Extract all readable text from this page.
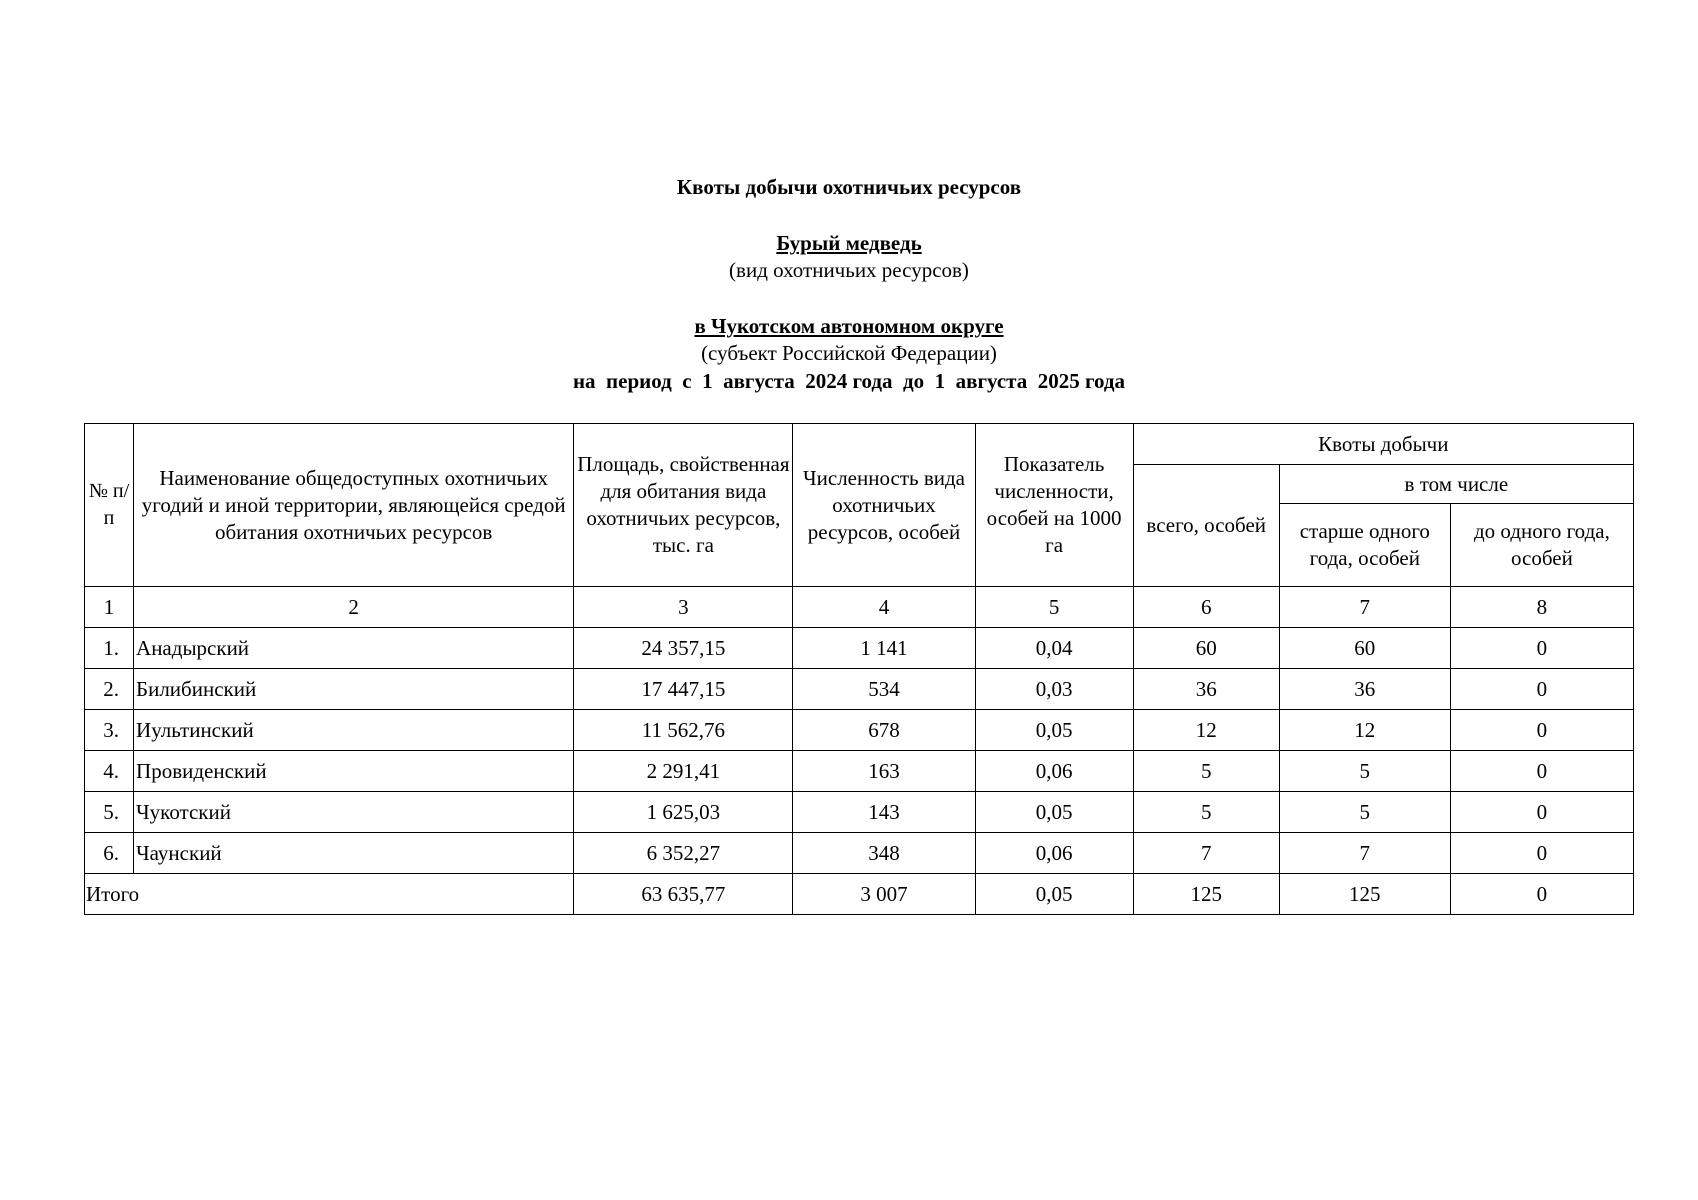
Квоты добычи охотничьих ресурсов
Бурый медведь
(вид охотничьих ресурсов)
в Чукотском автономном округе
(субъект Российской Федерации)
на  период  с  1  августа  2024 года  до  1  августа  2025 года
№ п/п	Наименование общедоступных охотничьих угодий и иной территории, являющейся средой обитания охотничьих ресурсов	Площадь, свойственная для обитания вида охотничьих ресурсов, тыс. га	Численность вида охотничьих ресурсов, особей	Показатель численности, особей на 1000 га	Квоты добычи		
					всего, особей	в том числе	
						старше одного года, особей	до одного года, особей
1	2	3	4	5	6	7	8
1.	Анадырский	24 357,15	1 141	0,04	60	60	0
2.	Билибинский	17 447,15	534	0,03	36	36	0
3.	Иультинский	11 562,76	678	0,05	12	12	0
4.	Провиденский	2 291,41	163	0,06	5	5	0
5.	Чукотский	1 625,03	143	0,05	5	5	0
6.	Чаунский	6 352,27	348	0,06	7	7	0
Итого		63 635,77	3 007	0,05	125	125	0
